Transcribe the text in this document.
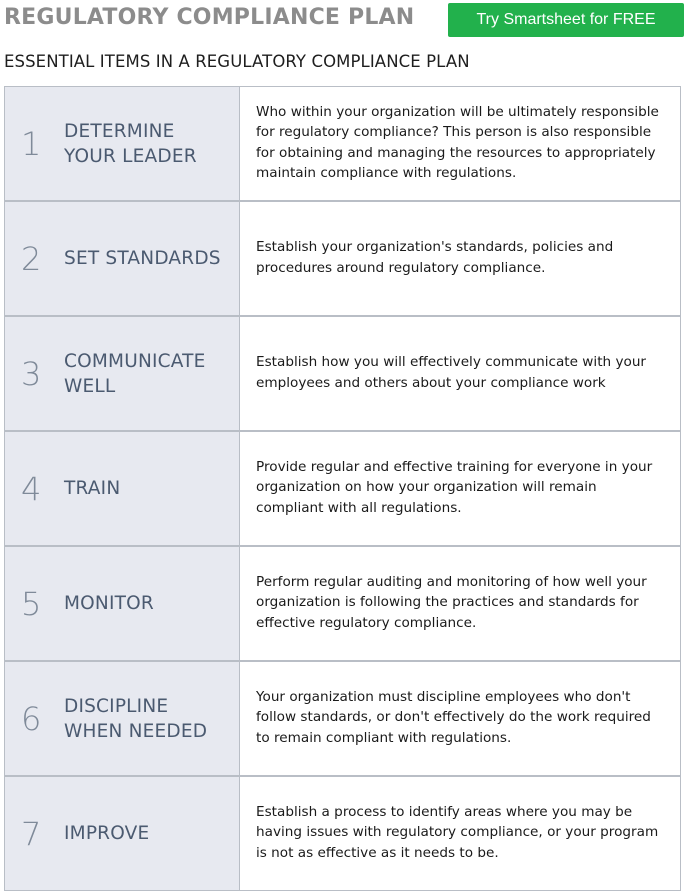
REGULATORY COMPLIANCE PLAN	Try Smartsheet for FREE
ESSENTIAL ITEMS IN A REGULATORY COMPLIANCE PLAN
1	DETERMINE
YOUR LEADER
Who within your organization will be ultimately responsible for regulatory compliance? This person is also responsible for obtaining and managing the resources to appropriately maintain compliance with regulations.
2	SET STANDARDS
Establish your organization's standards, policies and procedures around regulatory compliance.
3	COMMUNICATE
WELL
Establish how you will effectively communicate with your employees and others about your compliance work
4	TRAIN
Provide regular and effective training for everyone in your organization on how your organization will remain compliant with all regulations.
5	MONITOR
Perform regular auditing and monitoring of how well your organization is following the practices and standards for effective regulatory compliance.
6	DISCIPLINE
WHEN NEEDED
Your organization must discipline employees who don't follow standards, or don't effectively do the work required to remain compliant with regulations.
7	IMPROVE
Establish a process to identify areas where you may be having issues with regulatory compliance, or your program is not as effective as it needs to be.
